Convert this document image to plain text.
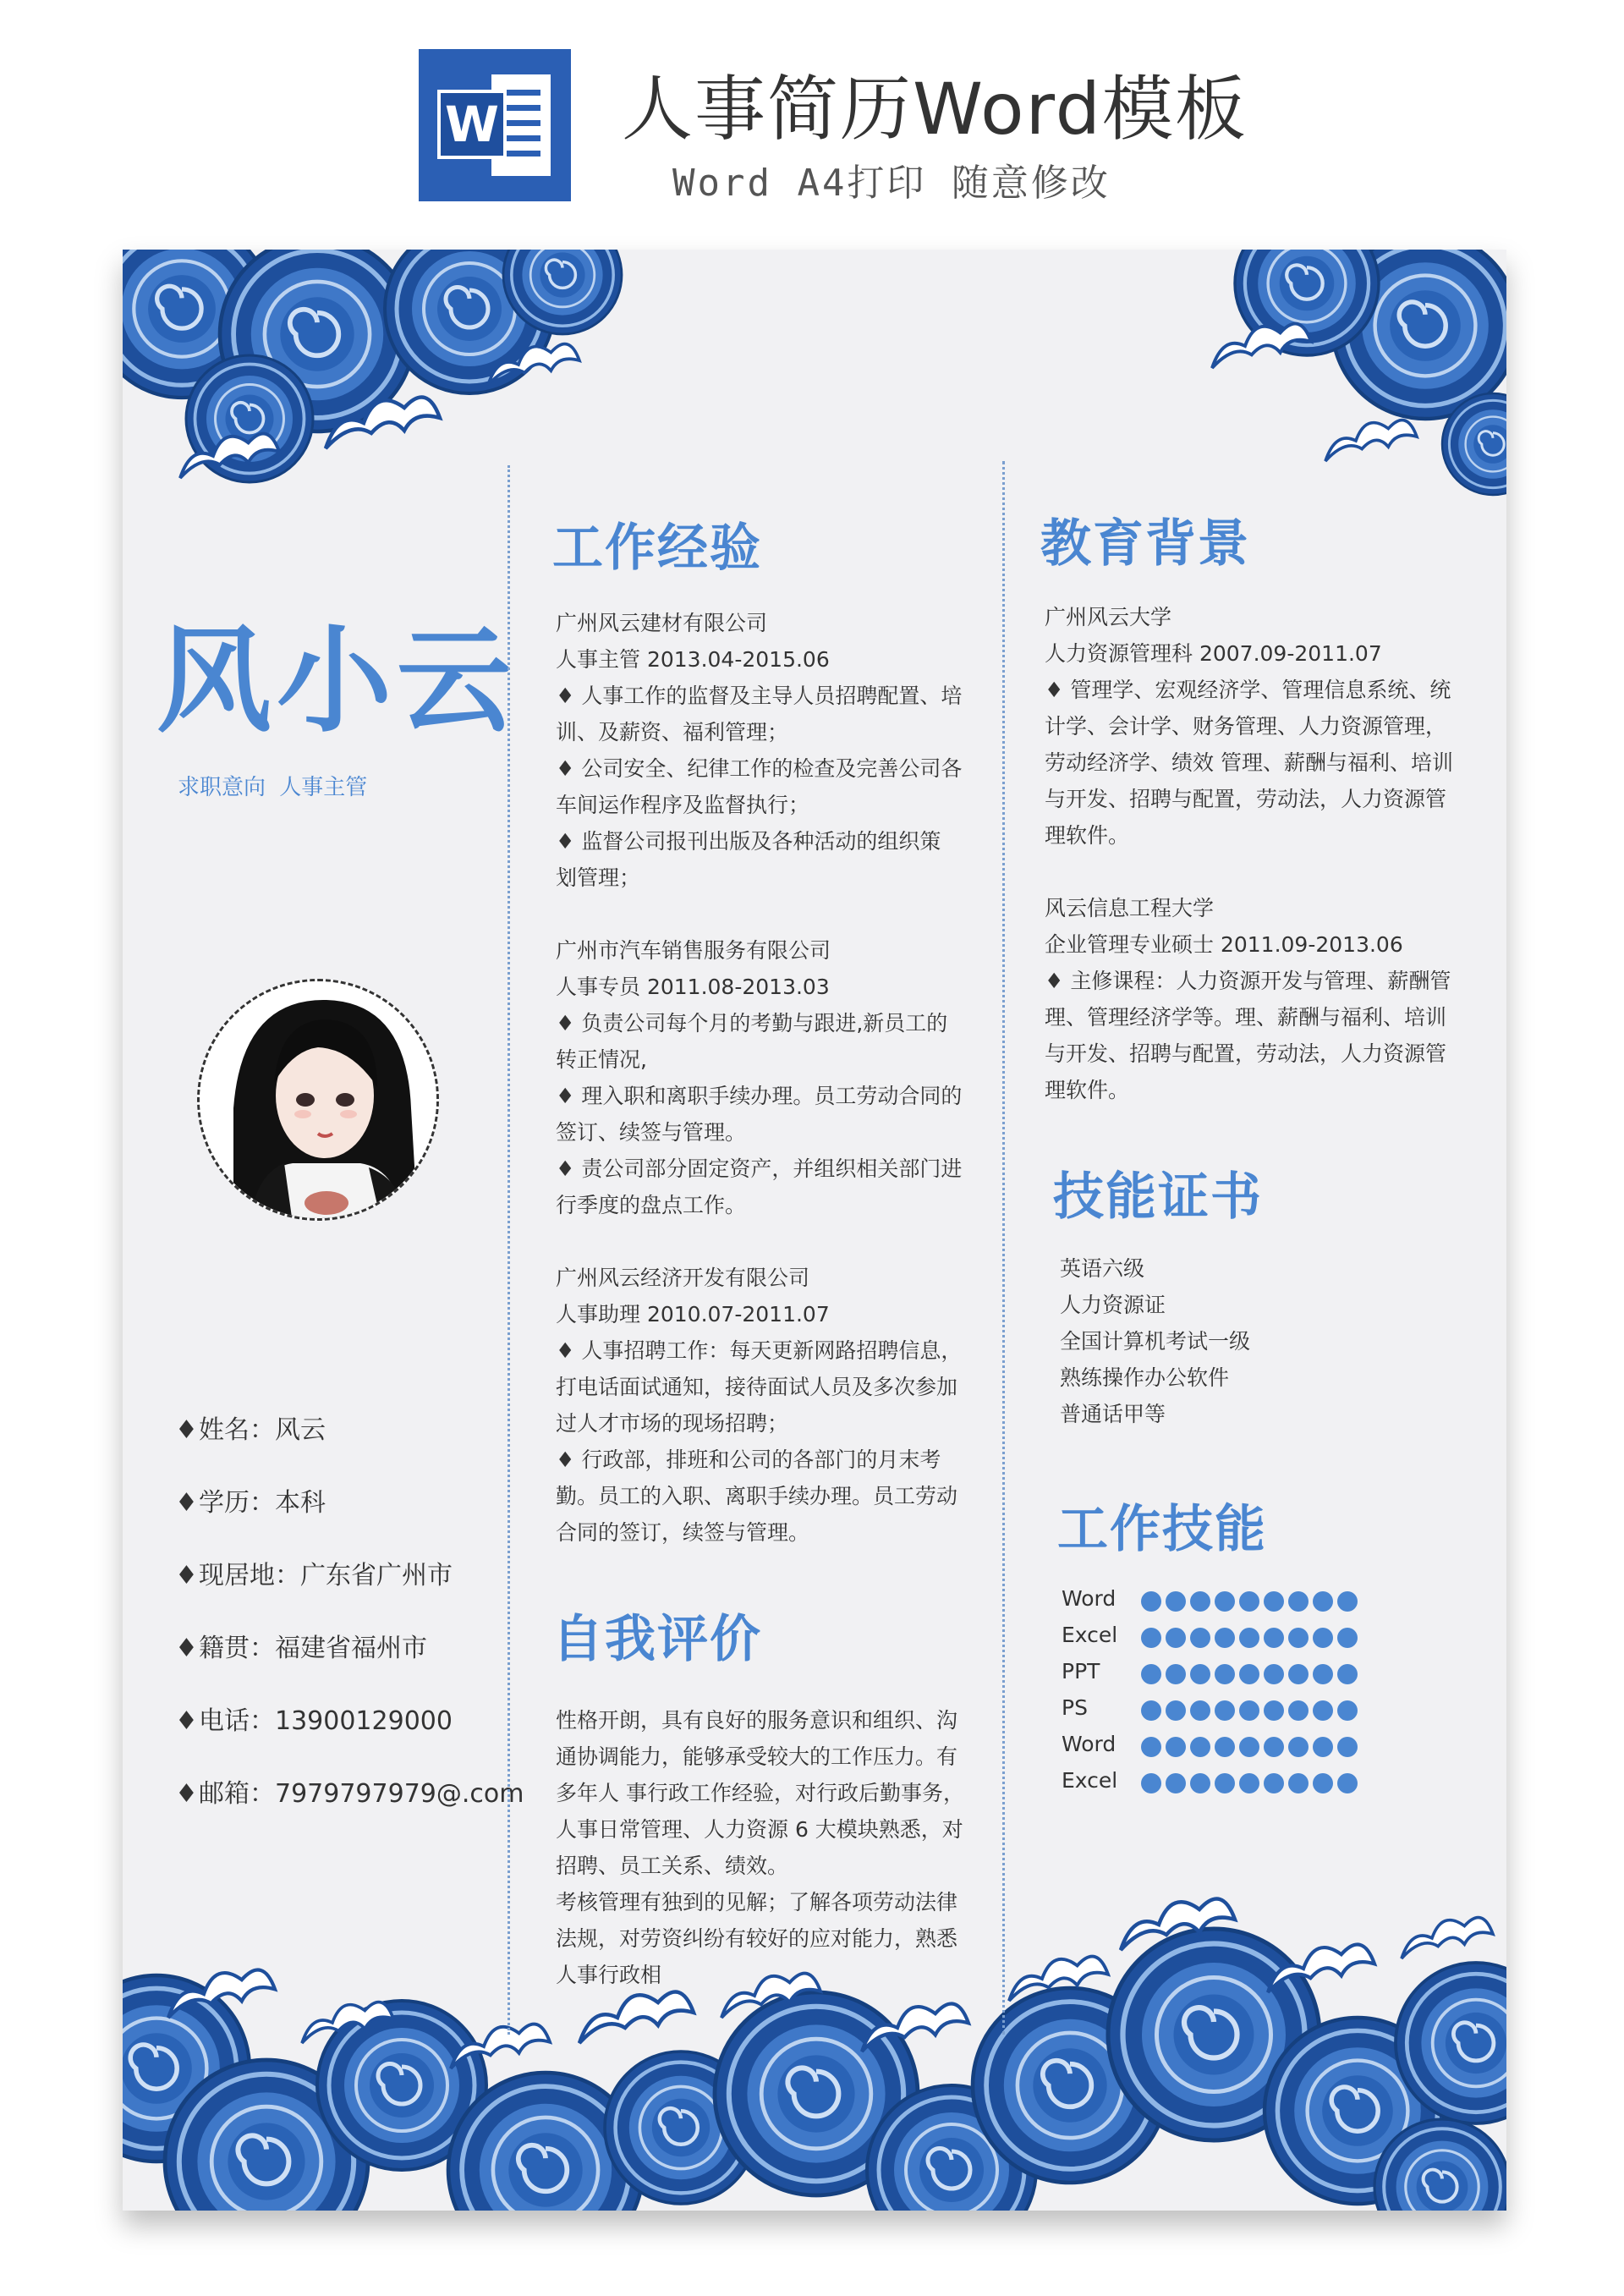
W 人事简历Word模板
Word A4打印 随意修改
风小云
求职意向 人事主管
♦姓名：风云
♦学历：本科
♦现居地：广东省广州市
♦籍贯：福建省福州市
♦电话：13900129000
♦邮箱：7979797979@.com
工作经验
广州风云建材有限公司
人事主管 2013.04-2015.06
♦ 人事工作的监督及主导人员招聘配置、培
训、及薪资、福利管理；
♦ 公司安全、纪律工作的检查及完善公司各
车间运作程序及监督执行；
♦ 监督公司报刊出版及各种活动的组织策
划管理；
广州市汽车销售服务有限公司
人事专员 2011.08-2013.03
♦ 负责公司每个月的考勤与跟进,新员工的
转正情况,
♦ 理入职和离职手续办理。员工劳动合同的
签订、续签与管理。
♦ 责公司部分固定资产，并组织相关部门进
行季度的盘点工作。
广州风云经济开发有限公司
人事助理 2010.07-2011.07
♦ 人事招聘工作：每天更新网路招聘信息，
打电话面试通知，接待面试人员及多次参加
过人才市场的现场招聘；
♦ 行政部，排班和公司的各部门的月末考
勤。员工的入职、离职手续办理。员工劳动
合同的签订，续签与管理。
自我评价
性格开朗，具有良好的服务意识和组织、沟
通协调能力，能够承受较大的工作压力。有
多年人 事行政工作经验，对行政后勤事务，
人事日常管理、人力资源 6 大模块熟悉，对
招聘、员工关系、绩效。
考核管理有独到的见解；了解各项劳动法律
法规，对劳资纠纷有较好的应对能力，熟悉
人事行政相
教育背景
广州风云大学
人力资源管理科 2007.09-2011.07
♦ 管理学、宏观经济学、管理信息系统、统
计学、会计学、财务管理、人力资源管理，
劳动经济学、绩效 管理、薪酬与福利、培训
与开发、招聘与配置，劳动法，人力资源管
理软件。
风云信息工程大学
企业管理专业硕士 2011.09-2013.06
♦ 主修课程：人力资源开发与管理、薪酬管
理、管理经济学等。理、薪酬与福利、培训
与开发、招聘与配置，劳动法，人力资源管
理软件。
技能证书
英语六级
人力资源证
全国计算机考试一级
熟练操作办公软件
普通话甲等
工作技能
Word
Excel
PPT
PS
Word
Excel
